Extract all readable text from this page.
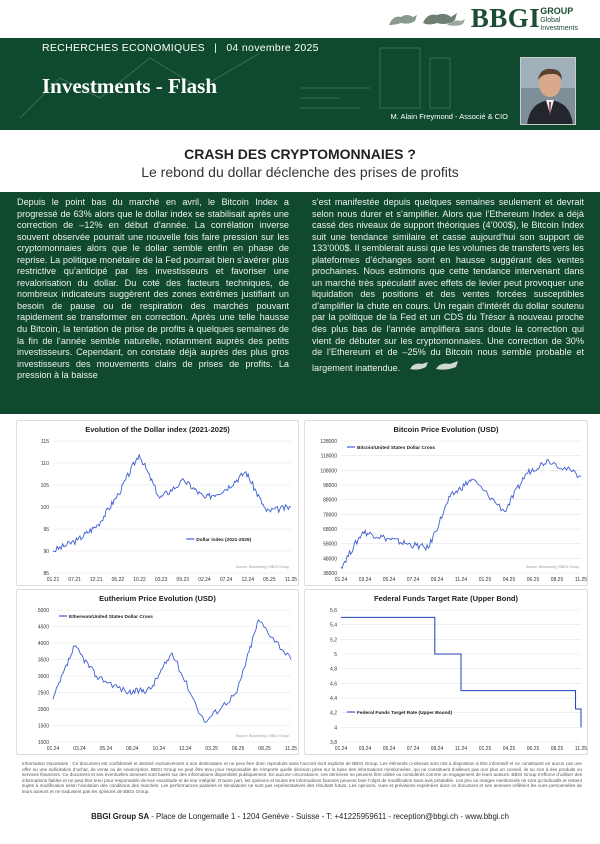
BBGI GROUP
Global
Investments
RECHERCHES ECONOMIQUES | 04 novembre 2025
Investments - Flash
M. Alain Freymond - Associé & CIO
CRASH DES CRYPTOMONNAIES ?
Le rebond du dollar déclenche des prises de profits
Depuis le point bas du marché en avril, le Bitcoin Index a progressé de 63% alors que le dollar index se stabilisait après une correction de –12% en début d’année. La corrélation inverse souvent observée pourrait une nouvelle fois faire pression sur les cryptomonnaies alors que le dollar semble enfin en phase de reprise. La politique monétaire de la Fed pourrait bien s’avérer plus restrictive qu’anticipé par les investisseurs et favoriser une revalorisation du dollar. Du coté des facteurs techniques, de nombreux indicateurs suggèrent des zones extrêmes justifiant un besoin de pause ou de respiration des marchés pouvant rapidement se transformer en correction. Après une telle hausse du Bitcoin, la tentation de prise de profits à quelques semaines de la fin de l’année semble naturelle, notamment auprès des petits investisseurs. Cependant, on constate déjà auprès des plus gros investisseurs des mouvements clairs de prises de profits. La pression à la baisse
s’est manifestée depuis quelques semaines seulement et devrait selon nous durer et s’amplifier. Alors que l’Ethereum Index a déjà cassé des niveaux de support théoriques (4’000$), le Bitcoin Index suit une tendance similaire et casse aujourd’hui son support de 133’000$. Il semblerait aussi que les volumes de transferts vers les plateformes d’échanges sont en hausse suggérant des ventes prochaines. Nous estimons que cette tendance intervenant dans un marché très spéculatif avec effets de levier peut provoquer une liquidation des positions et des ventes forcées susceptibles d’amplifier la chute en cours. Un regain d’intérêt du dollar soutenu par la politique de la Fed et un CDS du Trésor à nouveau proche des plus bas de l’année amplifiera sans doute la correction qui vient de débuter sur les cryptomonnaies. Une correction de 30% de l’Ethereum et de –25% du Bitcoin nous semble probable et largement inattendue.
Evolution of the Dollar index (2021-2025)
85
90
95
100
105
110
115
01.21 07.21 12.21 05.22 10.22 03.23 09.23 02.24 07.24 12.24 05.25 11.25
Dollar index (2021-2025)
Source: Bloomberg / BBGI Group
Bitcoin Price Evolution (USD)
38000
48000
58000
68000
78000
88000
98000
108000
118000
128000
01.24 03.24 05.24 07.24 09.24 11.24 01.25 04.25 06.25 08.25 11.25
Bitcoin/United States Dollar Cross
Source: Bloomberg / BBGI Group
Eutherium Price Evolution (USD)
1000
1500
2000
2500
3000
3500
4000
4500
5000
01.24	03.24	05.24	08.24	10.24	12.24	03.25	06.25	08.25	11.25
Ethereum/United States Dollar Cross
Source: Bloomberg / BBGI Group
Federal Funds Target Rate (Upper Bond)
3,8
4
4,2
4,4
4,6
4,8
5
5,2
5,4
5,6
01.24 03.24 05.24 07.24 09.24 11.24 01.25 04.25 06.25 08.25 11.25
Federal Funds Target Rate (Upper Bound)
Information importante : Ce document est confidentiel et destiné exclusivement à son destinataire et ne peut être donc reproduits sans l’accord écrit explicite de BBGI Group. Les éléments ci-dessus sont mis à disposition à titre informatif et ne constituent en aucun cas une offre ou une sollicitation d’achat, de vente ou de souscription. BBGI Group ne peut être tenu pour responsable de n’importe quelle décision prise sur la base des informations mentionnées, qui ne constituent d’ailleurs pas non plus un conseil, ils ou non à des produits ou services financiers. Ce document et ses éventuelles annexes sont basés sur des informations disponibles publiquement. En aucune circonstance, ces dernières ne peuvent être utilisé ou considérés comme un engagement de leurs auteurs. BBGI Group s’efforce d’utiliser des informations fiables et ne peut être tenu pour responsable de leur exactitude et de leur intégrité. D’autre part, les opinions et toutes les informations fournies peuvent faire l’objet de modification sans avis préalable. Les prix ou marges mentionnés ne sont qu’indicatifs et restent sujets à modification selon l’évolution des conditions des marchés. Les performances passées et simulations ne sont pas représentatives des résultats futurs. Les opinions, vues et prévisions exprimées dans ce document et ses annexes reflètent les vues personnelles de leurs auteurs et ne traduisent pas les opinions de BBGI Group.
BBGI Group SA - Place de Longemalle 1 - 1204 Genève - Suisse - T: +41225959611 - reception@bbgi.ch - www.bbgi.ch
